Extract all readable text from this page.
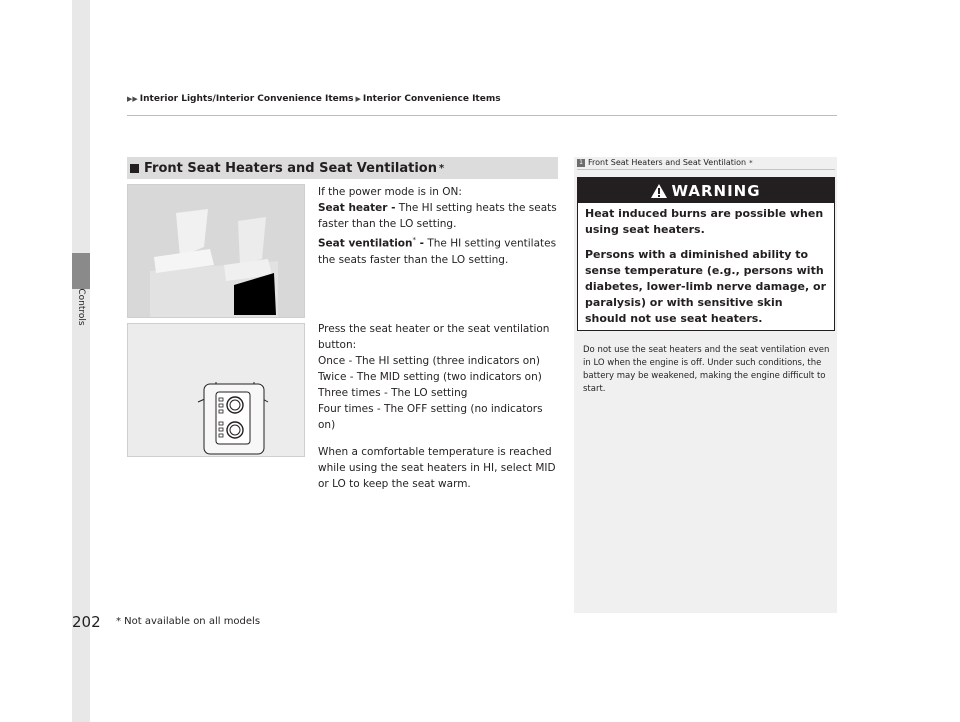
Controls
▶▶ Interior Lights/Interior Convenience Items ▶ Interior Convenience Items
Front Seat Heaters and Seat Ventilation *
If the power mode is in ON:
Seat heater - The HI setting heats the seats faster than the LO setting.
Seat ventilation* - The HI setting ventilates the seats faster than the LO setting.
Press the seat heater or the seat ventilation button:
Once - The HI setting (three indicators on)
Twice - The MID setting (two indicators on)
Three times - The LO setting
Four times - The OFF setting (no indicators on)
When a comfortable temperature is reached while using the seat heaters in HI, select MID or LO to keep the seat warm.
1 Front Seat Heaters and Seat Ventilation *
WARNING

Heat induced burns are possible when using seat heaters.

Persons with a diminished ability to sense temperature (e.g., persons with diabetes, lower-limb nerve damage, or paralysis) or with sensitive skin should not use seat heaters.

Do not use the seat heaters and the seat ventilation even in LO when the engine is off. Under such conditions, the battery may be weakened, making the engine difficult to start.
202 * Not available on all models
